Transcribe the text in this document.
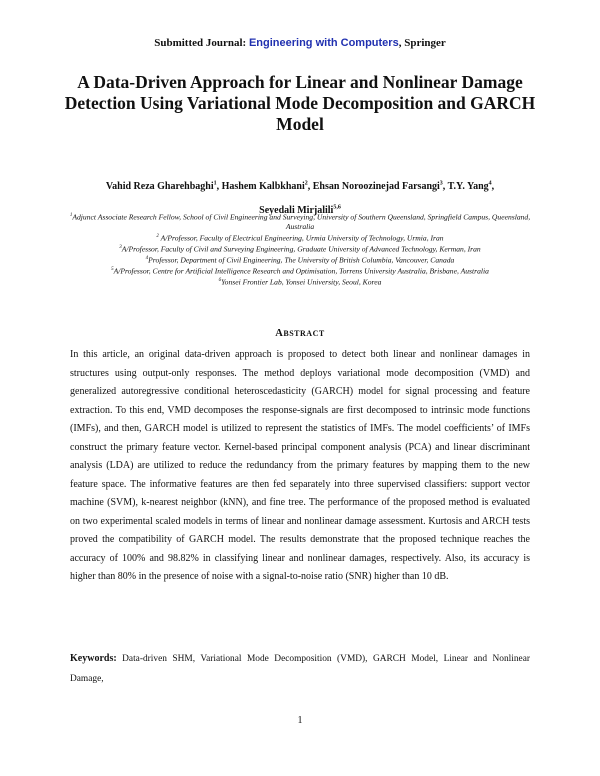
Submitted Journal: Engineering with Computers, Springer
A Data-Driven Approach for Linear and Nonlinear Damage Detection Using Variational Mode Decomposition and GARCH Model
Vahid Reza Gharehbaghi$^1$, Hashem Kalbkhani$^2$, Ehsan Noroozinejad Farsangi$^3$, T.Y. Yang$^4$,
Seyedali Mirjalili$^{5,6}$
$^1$Adjunct Associate Research Fellow, School of Civil Engineering and Surveying, University of Southern Queensland, Springfield Campus, Queensland, Australia
$^2$ A/Professor, Faculty of Electrical Engineering, Urmia University of Technology, Urmia, Iran
$^3$A/Professor, Faculty of Civil and Surveying Engineering, Graduate University of Advanced Technology, Kerman, Iran
$^4$Professor, Department of Civil Engineering, The University of British Columbia, Vancouver, Canada
$^5$A/Professor, Centre for Artificial Intelligence Research and Optimisation, Torrens University Australia, Brisbane, Australia
$^6$Yonsei Frontier Lab, Yonsei University, Seoul, Korea
ABSTRACT
In this article, an original data-driven approach is proposed to detect both linear and nonlinear damages in structures using output-only responses. The method deploys variational mode decomposition (VMD) and generalized autoregressive conditional heteroscedasticity (GARCH) model for signal processing and feature extraction. To this end, VMD decomposes the response-signals are first decomposed to intrinsic mode functions (IMFs), and then, GARCH model is utilized to represent the statistics of IMFs. The model coefficients’ of IMFs construct the primary feature vector. Kernel-based principal component analysis (PCA) and linear discriminant analysis (LDA) are utilized to reduce the redundancy from the primary features by mapping them to the new feature space. The informative features are then fed separately into three supervised classifiers: support vector machine (SVM), k-nearest neighbor (kNN), and fine tree. The performance of the proposed method is evaluated on two experimental scaled models in terms of linear and nonlinear damage assessment. Kurtosis and ARCH tests proved the compatibility of GARCH model. The results demonstrate that the proposed technique reaches the accuracy of 100% and 98.82% in classifying linear and nonlinear damages, respectively. Also, its accuracy is higher than 80% in the presence of noise with a signal-to-noise ratio (SNR) higher than 10 dB.
Keywords: Data-driven SHM, Variational Mode Decomposition (VMD), GARCH Model, Linear and Nonlinear Damage,
1
